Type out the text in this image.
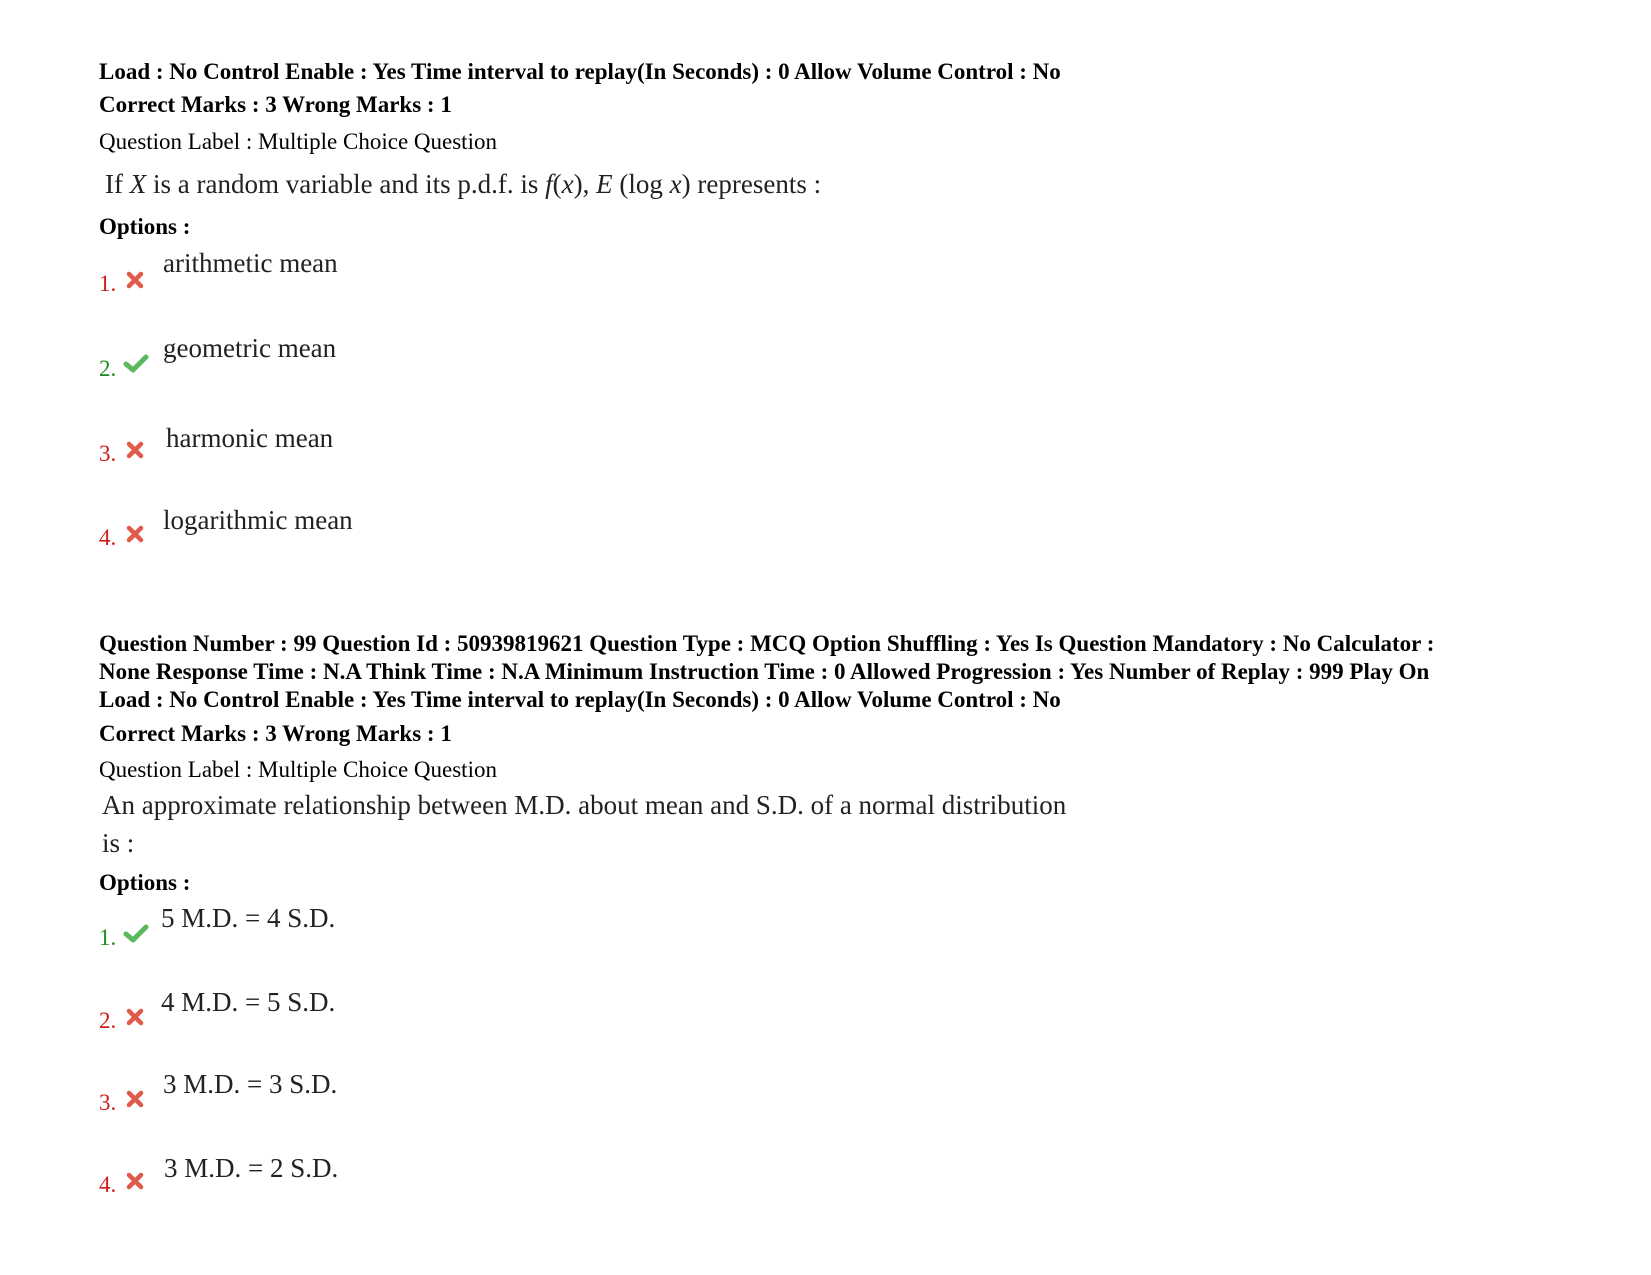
Load : No Control Enable : Yes Time interval to replay(In Seconds) : 0 Allow Volume Control : No
Correct Marks : 3 Wrong Marks : 1
Question Label : Multiple Choice Question
If X is a random variable and its p.d.f. is f(x), E (log x) represents :
Options :
1.
arithmetic mean
2.
geometric mean
3.
harmonic mean
4.
logarithmic mean
Question Number : 99 Question Id : 50939819621 Question Type : MCQ Option Shuffling : Yes Is Question Mandatory : No Calculator :
None Response Time : N.A Think Time : N.A Minimum Instruction Time : 0 Allowed Progression : Yes Number of Replay : 999 Play On
Load : No Control Enable : Yes Time interval to replay(In Seconds) : 0 Allow Volume Control : No
Correct Marks : 3 Wrong Marks : 1
Question Label : Multiple Choice Question
An approximate relationship between M.D. about mean and S.D. of a normal distribution
is :
Options :
1.
5 M.D. = 4 S.D.
2.
4 M.D. = 5 S.D.
3.
3 M.D. = 3 S.D.
4.
3 M.D. = 2 S.D.
